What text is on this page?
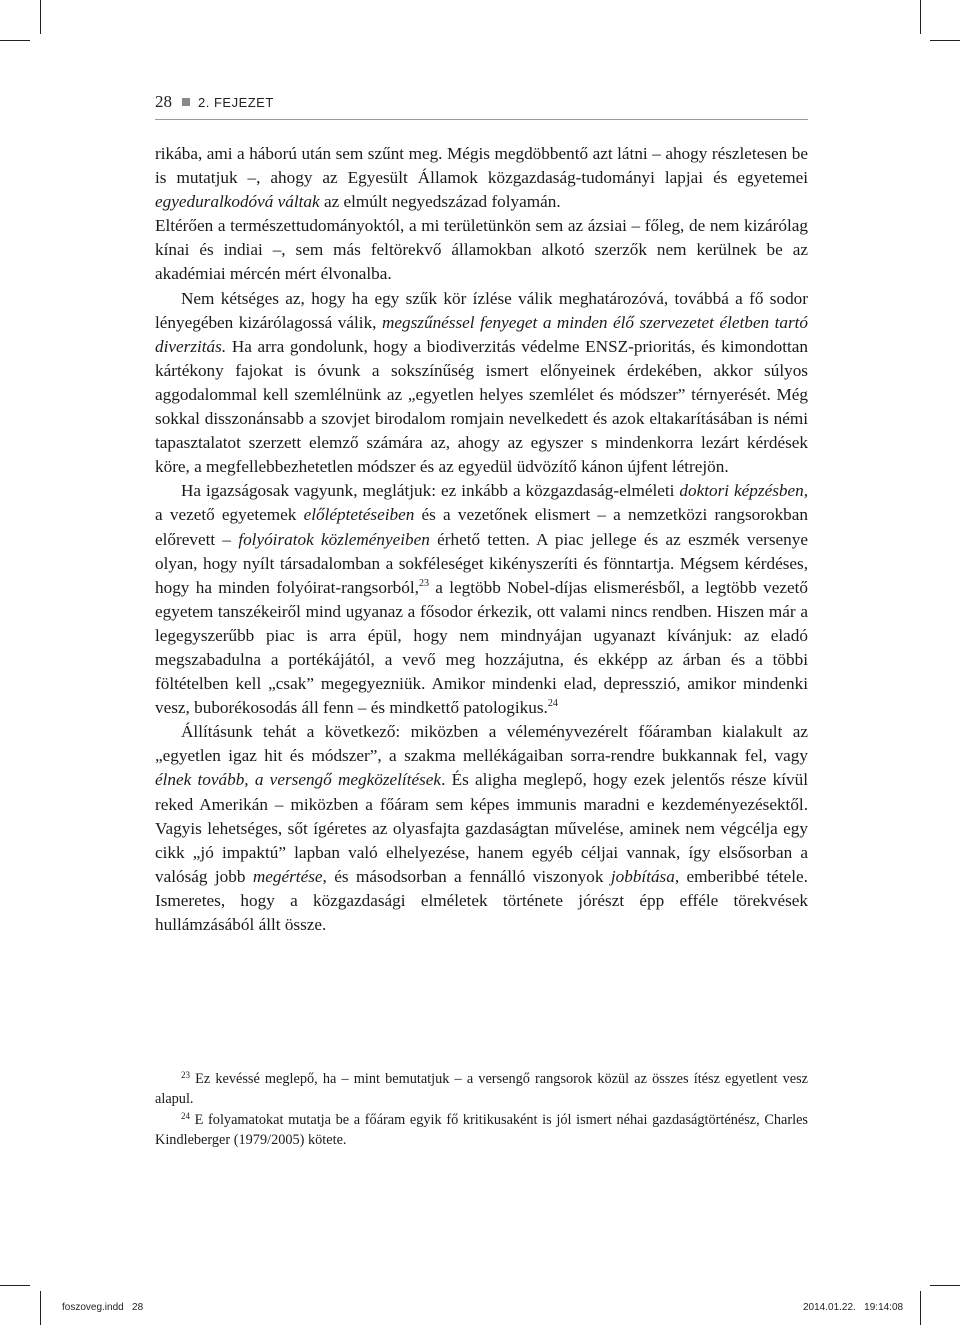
28 2. FEJEZET

rikába, ami a háború után sem szűnt meg. Mégis megdöbbentő azt látni – ahogy részletesen be is mutatjuk –, ahogy az Egyesült Államok közgazdaság-tudományi lapjai és egyetemei egyeduralkodóvá váltak az elmúlt negyedszázad folyamán.

Eltérően a természettudományoktól, a mi területünkön sem az ázsiai – főleg, de nem kizárólag kínai és indiai –, sem más feltörekvő államokban alkotó szerzők nem kerülnek be az akadémiai mércén mért élvonalba.

Nem kétséges az, hogy ha egy szűk kör ízlése válik meghatározóvá, továbbá a fő sodor lényegében kizárólagossá válik, megszűnéssel fenyeget a minden élő szervezetet életben tartó diverzitás. Ha arra gondolunk, hogy a biodiverzitás védelme ENSZ-prioritás, és kimondottan kártékony fajokat is óvunk a sokszínűség ismert előnyeinek érdekében, akkor súlyos aggodalommal kell szemlélnünk az „egyetlen helyes szemlélet és módszer” térnyerését. Még sokkal disszonánsabb a szovjet birodalom romjain nevelkedett és azok eltakarításában is némi tapasztalatot szerzett elemző számára az, ahogy az egyszer s mindenkorra lezárt kérdések köre, a megfellebbezhetetlen módszer és az egyedül üdvözítő kánon újfent létrejön.

Ha igazságosak vagyunk, meglátjuk: ez inkább a közgazdaság-elméleti doktori képzésben, a vezető egyetemek előléptetéseiben és a vezetőnek elismert – a nemzetközi rangsorokban előrevett – folyóiratok közleményeiben érhető tetten. A piac jellege és az eszmék versenye olyan, hogy nyílt társadalomban a sokféleséget kikényszeríti és fönntartja. Mégsem kérdéses, hogy ha minden folyóirat-rangsorból,$^{23}$ a legtöbb Nobel-díjas elismerésből, a legtöbb vezető egyetem tanszékeiről mind ugyanaz a fősodor érkezik, ott valami nincs rendben. Hiszen már a legegyszerűbb piac is arra épül, hogy nem mindnyájan ugyanazt kívánjuk: az eladó megszabadulna a portékájától, a vevő meg hozzájutna, és ekképp az árban és a többi föltételben kell „csak” megegyezniük. Amikor mindenki elad, depresszió, amikor mindenki vesz, buborékosodás áll fenn – és mindkettő patologikus.$^{24}$

Állításunk tehát a következő: miközben a véleményvezérelt főáramban kialakult az „egyetlen igaz hit és módszer”, a szakma mellékágaiban sorra-rendre bukkannak fel, vagy élnek tovább, a versengő megközelítések. És aligha meglepő, hogy ezek jelentős része kívül reked Amerikán – miközben a főáram sem képes immunis maradni e kezdeményezésektől. Vagyis lehetséges, sőt ígéretes az olyasfajta gazdaságtan művelése, aminek nem végcélja egy cikk „jó impaktú” lapban való elhelyezése, hanem egyéb céljai vannak, így elsősorban a valóság jobb megértése, és másodsorban a fennálló viszonyok jobbítása, emberibbé tétele. Ismeretes, hogy a közgazdasági elméletek története jórészt épp efféle törekvések hullámzásából állt össze.

$^{23}$ Ez kevéssé meglepő, ha – mint bemutatjuk – a versengő rangsorok közül az összes ítész egyetlent vesz alapul.

$^{24}$ E folyamatokat mutatja be a főáram egyik fő kritikusaként is jól ismert néhai gazdaságtörténész, Charles Kindleberger (1979/2005) kötete.

foszoveg.indd   28	2014.01.22.   19:14:08
